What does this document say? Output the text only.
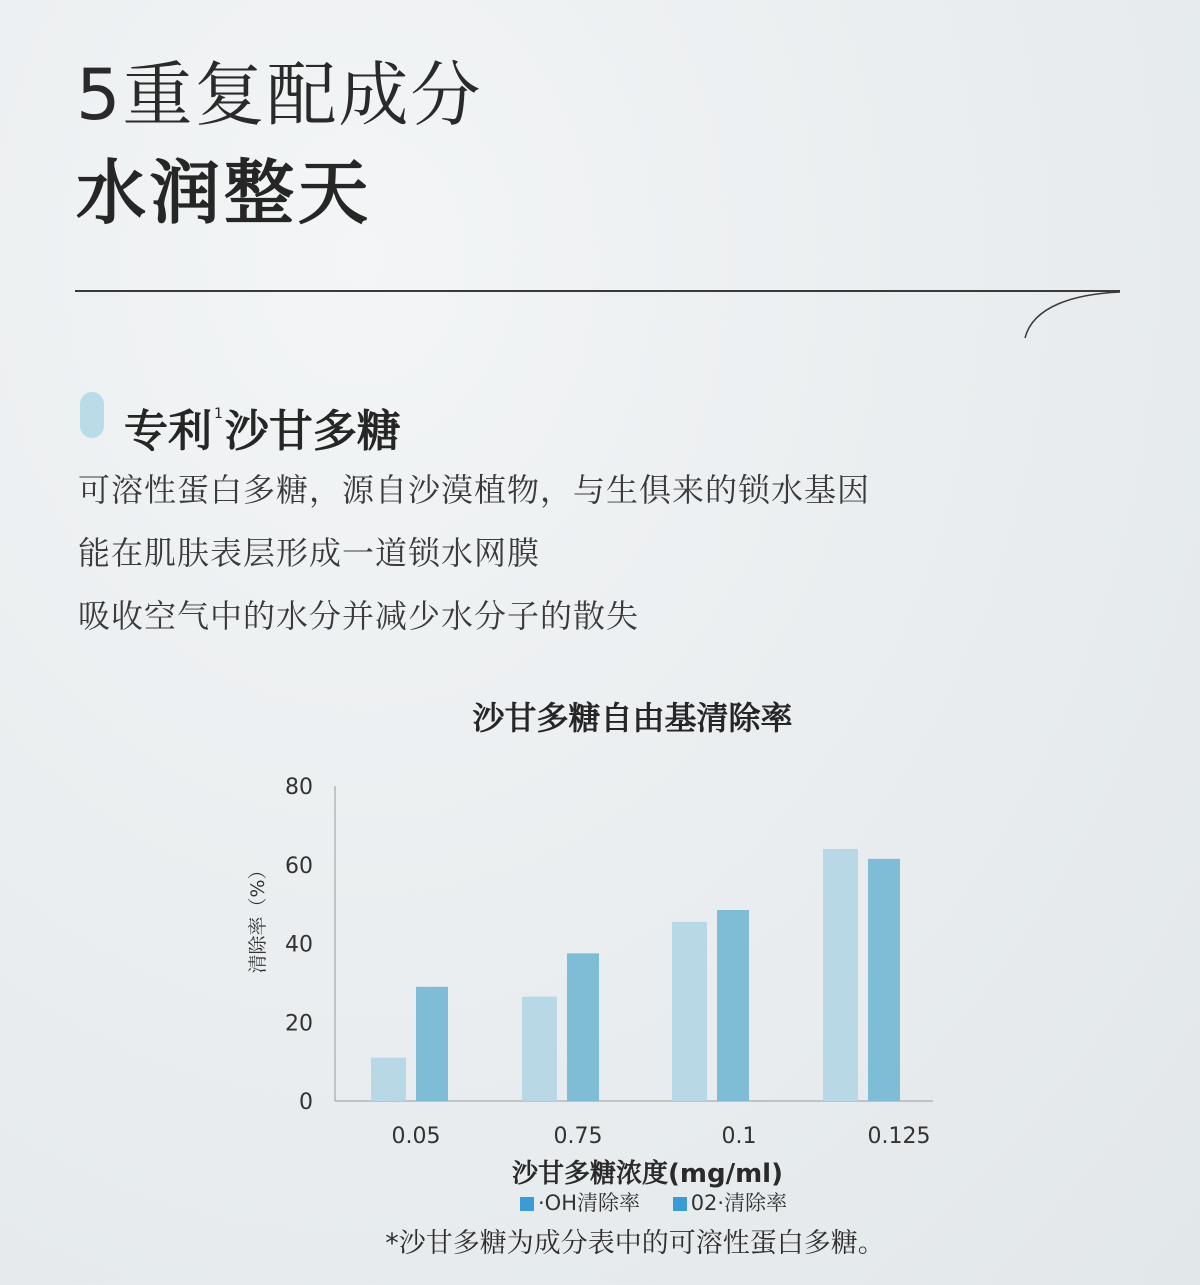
5重复配成分
水润整天
专利 $^1$沙甘多糖
可溶性蛋白多糖，源自沙漠植物，与生俱来的锁水基因
能在肌肤表层形成一道锁水网膜
吸收空气中的水分并减少水分子的散失
沙甘多糖自由基清除率
0
20
40
60
80
清除率（%）
0.05	0.75	0.1	0.125
沙甘多糖浓度(mg/ml)
·OH清除率 02·清除率
*沙甘多糖为成分表中的可溶性蛋白多糖。
